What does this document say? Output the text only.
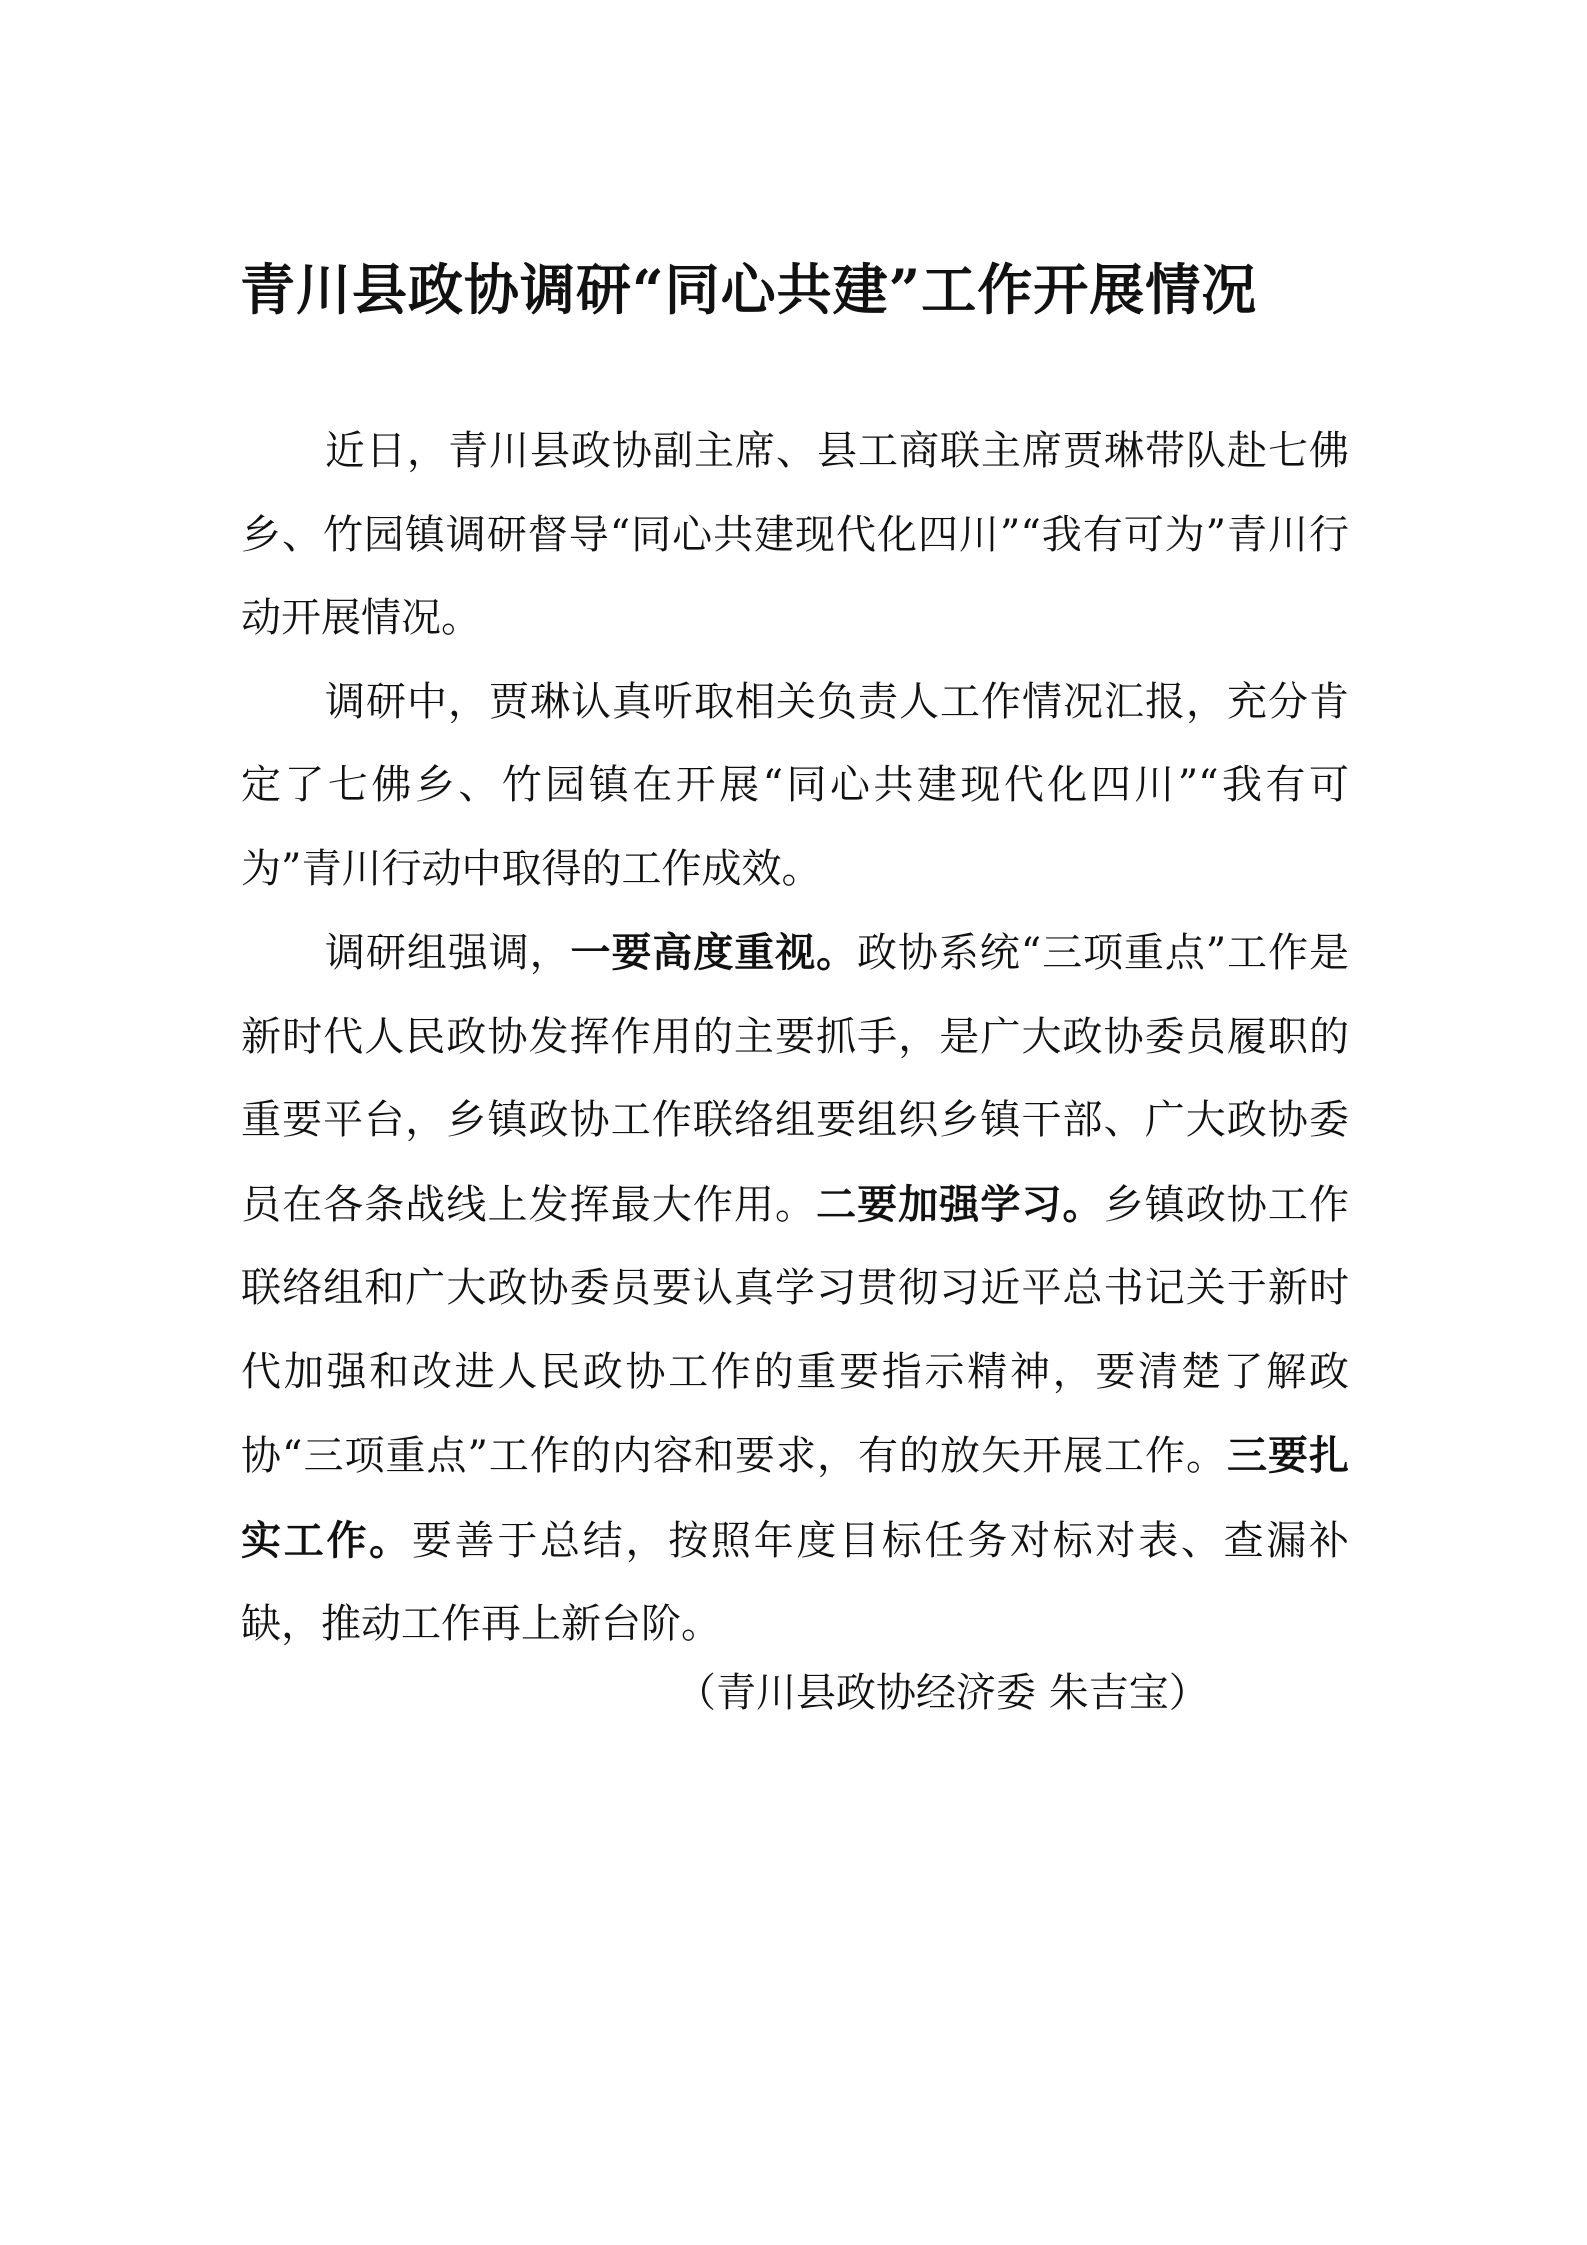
青川县政协调研“同心共建”工作开展情况

近日，青川县政协副主席、县工商联主席贾琳带队赴七佛乡、竹园镇调研督导“同心共建现代化四川”“我有可为”青川行动开展情况。

调研中，贾琳认真听取相关负责人工作情况汇报，充分肯定了七佛乡、竹园镇在开展“同心共建现代化四川”“我有可为”青川行动中取得的工作成效。

调研组强调，一要高度重视。政协系统“三项重点”工作是新时代人民政协发挥作用的主要抓手，是广大政协委员履职的重要平台，乡镇政协工作联络组要组织乡镇干部、广大政协委员在各条战线上发挥最大作用。二要加强学习。乡镇政协工作联络组和广大政协委员要认真学习贯彻习近平总书记关于新时代加强和改进人民政协工作的重要指示精神，要清楚了解政协“三项重点”工作的内容和要求，有的放矢开展工作。三要扎实工作。要善于总结，按照年度目标任务对标对表、查漏补缺，推动工作再上新台阶。

（青川县政协经济委 朱吉宝）
